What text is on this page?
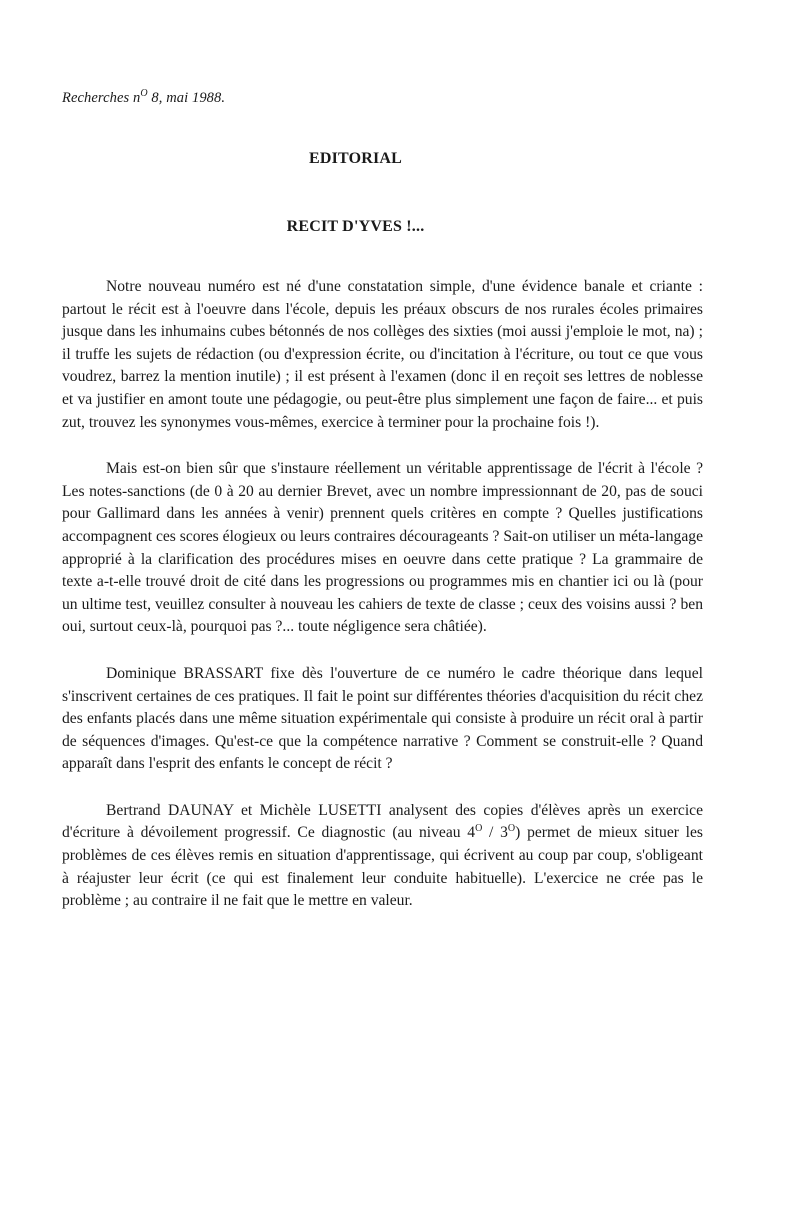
Recherches $n^O$ 8, mai 1988.
EDITORIAL
RECIT D'YVES !...

Notre nouveau numéro est né d'une constatation simple, d'une évidence banale et criante : partout le récit est à l'oeuvre dans l'école, depuis les préaux obscurs de nos rurales écoles primaires jusque dans les inhumains cubes bétonnés de nos collèges des sixties (moi aussi j'emploie le mot, na) ; il truffe les sujets de rédaction (ou d'expression écrite, ou d'incitation à l'écriture, ou tout ce que vous voudrez, barrez la mention inutile) ; il est présent à l'examen (donc il en reçoit ses lettres de noblesse et va justifier en amont toute une pédagogie, ou peut-être plus simplement une façon de faire... et puis zut, trouvez les synonymes vous-mêmes, exercice à terminer pour la prochaine fois !).

Mais est-on bien sûr que s'instaure réellement un véritable apprentissage de l'écrit à l'école ? Les notes-sanctions (de 0 à 20 au dernier Brevet, avec un nombre impressionnant de 20, pas de souci pour Gallimard dans les années à venir) prennent quels critères en compte ? Quelles justifications accompagnent ces scores élogieux ou leurs contraires décourageants ? Sait-on utiliser un méta-langage approprié à la clarification des procédures mises en oeuvre dans cette pratique ? La grammaire de texte a-t-elle trouvé droit de cité dans les progressions ou programmes mis en chantier ici ou là (pour un ultime test, veuillez consulter à nouveau les cahiers de texte de classe ; ceux des voisins aussi ? ben oui, surtout ceux-là, pourquoi pas ?... toute négligence sera châtiée).

Dominique BRASSART fixe dès l'ouverture de ce numéro le cadre théorique dans lequel s'inscrivent certaines de ces pratiques. Il fait le point sur différentes théories d'acquisition du récit chez des enfants placés dans une même situation expérimentale qui consiste à produire un récit oral à partir de séquences d'images. Qu'est-ce que la compétence narrative ? Comment se construit-elle ? Quand apparaît dans l'esprit des enfants le concept de récit ?

Bertrand DAUNAY et Michèle LUSETTI analysent des copies d'élèves après un exercice d'écriture à dévoilement progressif. Ce diagnostic (au niveau $4^O / 3^O$) permet de mieux situer les problèmes de ces élèves remis en situation d'apprentissage, qui écrivent au coup par coup, s'obligeant à réajuster leur écrit (ce qui est finalement leur conduite habituelle). L'exercice ne crée pas le problème ; au contraire il ne fait que le mettre en valeur.
